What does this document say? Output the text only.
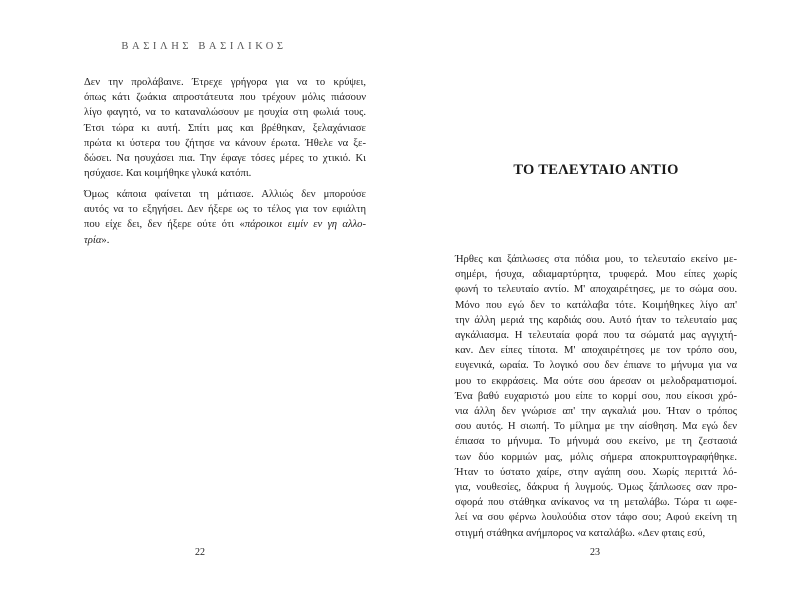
ΒΑΣΙΛΗΣ ΒΑΣΙΛΙΚΟΣ

Δεν την προλάβαινε. Έτρεχε γρήγορα για να το κρύψει,
όπως κάτι ζωάκια απροστάτευτα που τρέχουν μόλις πιάσουν
λίγο φαγητό, να το καταναλώσουν με ησυχία στη φωλιά τους.
Έτσι τώρα κι αυτή. Σπίτι μας και βρέθηκαν, ξελαχάνιασε
πρώτα κι ύστερα του ζήτησε να κάνουν έρωτα. Ήθελε να ξε-
δώσει. Να ησυχάσει πια. Την έφαγε τόσες μέρες το χτικιό. Κι
ησύχασε. Και κοιμήθηκε γλυκά κατόπι.

Όμως κάποια φαίνεται τη μάτιασε. Αλλιώς δεν μπορούσε
αυτός να το εξηγήσει. Δεν ήξερε ως το τέλος για τον εφιάλτη
που είχε δει, δεν ήξερε ούτε ότι «πάροικοι ειμίν εν γη αλλο-
τρία».

22
ΤΟ ΤΕΛΕΥΤΑΙΟ ΑΝΤΙΟ

Ήρθες και ξάπλωσες στα πόδια μου, το τελευταίο εκείνο με-
σημέρι, ήσυχα, αδιαμαρτύρητα, τρυφερά. Μου είπες χωρίς
φωνή το τελευταίο αντίο. Μ' αποχαιρέτησες, με το σώμα σου.
Μόνο που εγώ δεν το κατάλαβα τότε. Κοιμήθηκες λίγο απ'
την άλλη μεριά της καρδιάς σου. Αυτό ήταν το τελευταίο μας
αγκάλιασμα. Η τελευταία φορά που τα σώματά μας αγγιχτή-
καν. Δεν είπες τίποτα. Μ' αποχαιρέτησες με τον τρόπο σου,
ευγενικά, ωραία. Το λογικό σου δεν έπιανε το μήνυμα για να
μου το εκφράσεις. Μα ούτε σου άρεσαν οι μελοδραματισμοί.
Ένα βαθύ ευχαριστώ μου είπε το κορμί σου, που είκοσι χρό-
νια άλλη δεν γνώρισε απ' την αγκαλιά μου. Ήταν ο τρόπος
σου αυτός. Η σιωπή. Το μίλημα με την αίσθηση. Μα εγώ δεν
έπιασα το μήνυμα. Το μήνυμά σου εκείνο, με τη ζεστασιά
των δύο κορμιών μας, μόλις σήμερα αποκρυπτογραφήθηκε.
Ήταν το ύστατο χαίρε, στην αγάπη σου. Χωρίς περιττά λό-
για, νουθεσίες, δάκρυα ή λυγμούς. Όμως ξάπλωσες σαν προ-
σφορά που στάθηκα ανίκανος να τη μεταλάβω. Τώρα τι ωφε-
λεί να σου φέρνω λουλούδια στον τάφο σου; Αφού εκείνη τη
στιγμή στάθηκα ανήμπορος να καταλάβω. «Δεν φταις εσύ,

23
